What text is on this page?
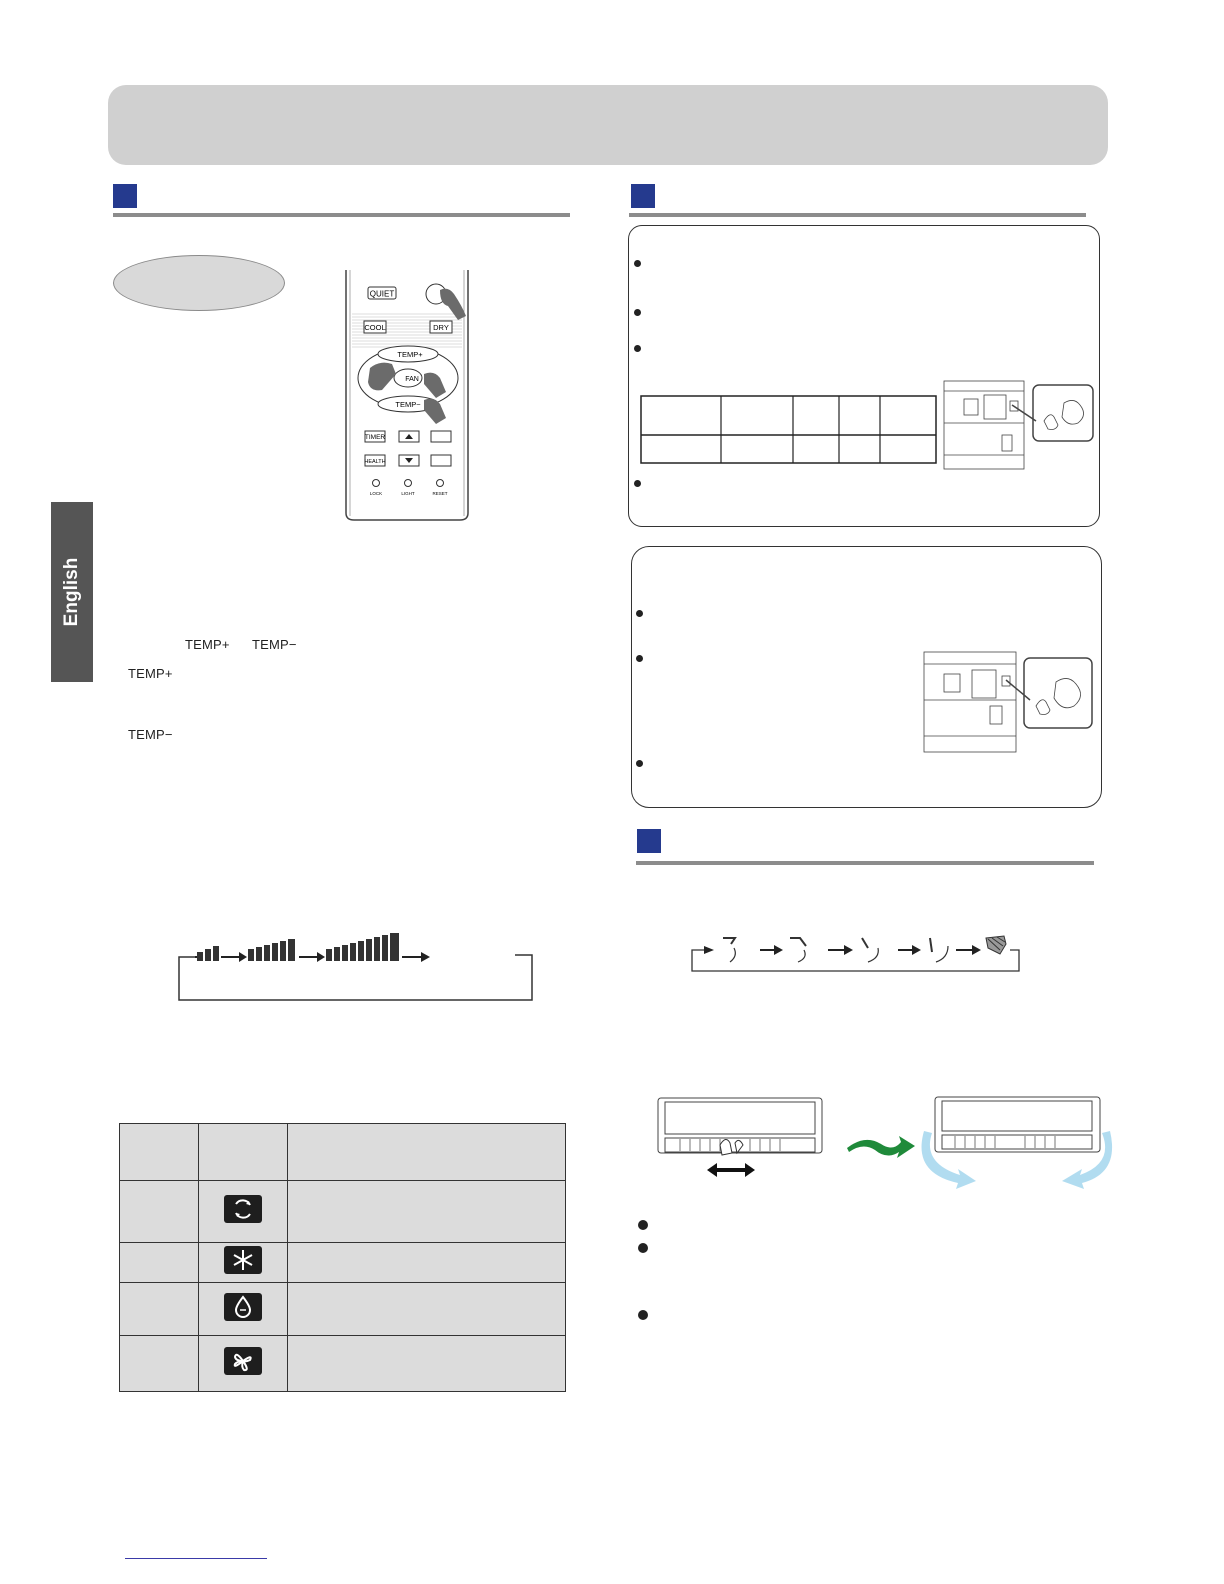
English
QUIET
COOL	DRY
TEMP+
TEMP−
FAN
TIMER
HEALTH
LOCK	LIGHT	RESET
TEMP+ TEMP−
TEMP+
TEMP−
